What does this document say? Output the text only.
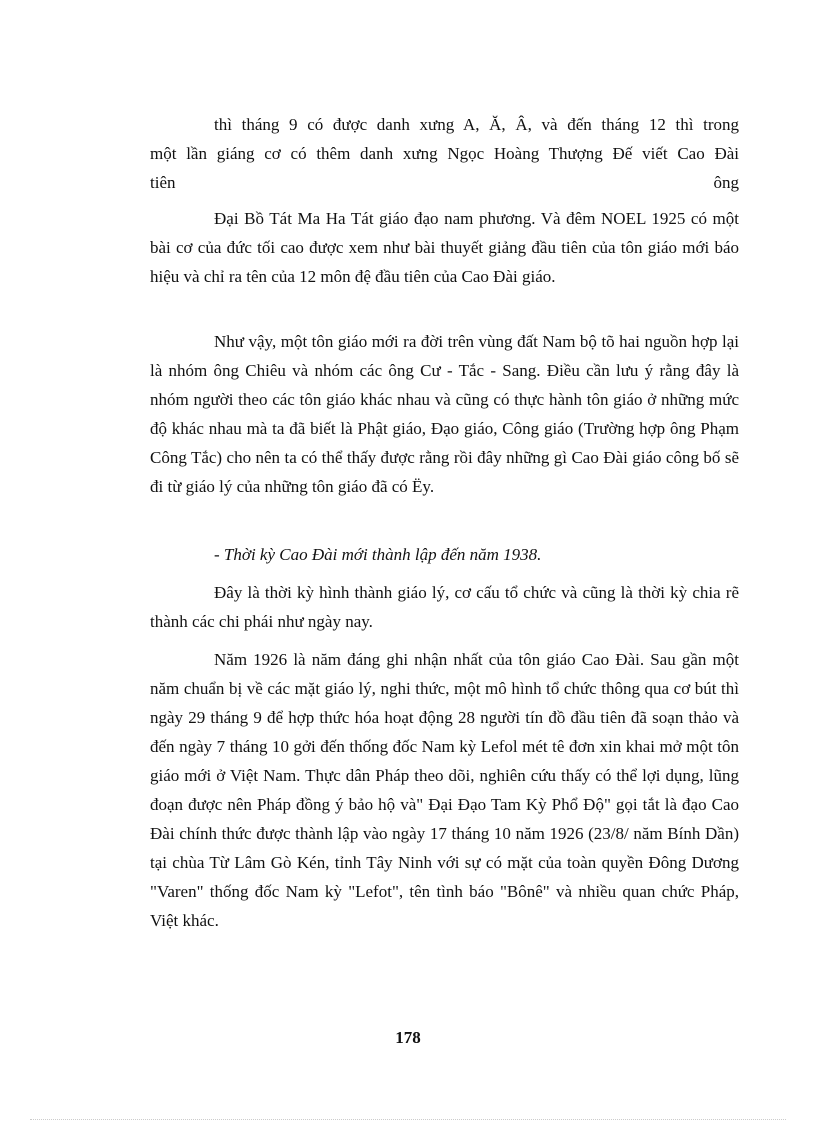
thì tháng 9 có được danh xưng A, Ă, Â, và đến tháng 12 thì trong
một lần giáng cơ có thêm danh xưng Ngọc Hoàng Thượng Đế viết Cao Đài
tiên	ông
Đại Bồ Tát Ma Ha Tát giáo đạo nam phương. Và đêm NOEL 1925 có một bài cơ của đức tối cao được xem như bài thuyết giảng đầu tiên của tôn giáo mới báo hiệu và chỉ ra tên của 12 môn đệ đầu tiên của Cao Đài giáo.
Như vậy, một tôn giáo mới ra đời trên vùng đất Nam bộ tõ hai nguồn hợp lại là nhóm ông Chiêu và nhóm các ông Cư - Tắc - Sang. Điều cần lưu ý rằng đây là nhóm người theo các tôn giáo khác nhau và cũng có thực hành tôn giáo ở những mức độ khác nhau mà ta đã biết là Phật giáo, Đạo giáo, Công giáo (Trường hợp ông Phạm Công Tắc) cho nên ta có thể thấy được rằng rồi đây những gì Cao Đài giáo công bố sẽ đi từ giáo lý của những tôn giáo đã có Ëy.
- Thời kỳ Cao Đài mới thành lập đến năm 1938.
Đây là thời kỳ hình thành giáo lý, cơ cấu tổ chức và cũng là thời kỳ chia rẽ thành các chi phái như ngày nay.
Năm 1926 là năm đáng ghi nhận nhất của tôn giáo Cao Đài. Sau gần một năm chuẩn bị về các mặt giáo lý, nghi thức, một mô hình tổ chức thông qua cơ bút thì ngày 29 tháng 9 để hợp thức hóa hoạt động 28 người tín đồ đầu tiên đã soạn thảo và đến ngày 7 tháng 10 gởi đến thống đốc Nam kỳ Lefol mét tê đơn xin khai mở một tôn giáo mới ở Việt Nam. Thực dân Pháp theo dõi, nghiên cứu thấy có thể lợi dụng, lũng đoạn được nên Pháp đồng ý bảo hộ và" Đại Đạo Tam Kỳ Phổ Độ" gọi tắt là đạo Cao Đài chính thức được thành lập vào ngày 17 tháng 10 năm 1926 (23/8/ năm Bính Dần) tại chùa Từ Lâm Gò Kén, tỉnh Tây Ninh với sự có mặt của toàn quyền Đông Dương "Varen" thống đốc Nam kỳ "Lefot", tên tình báo "Bônê" và nhiều quan chức Pháp, Việt khác.
178
